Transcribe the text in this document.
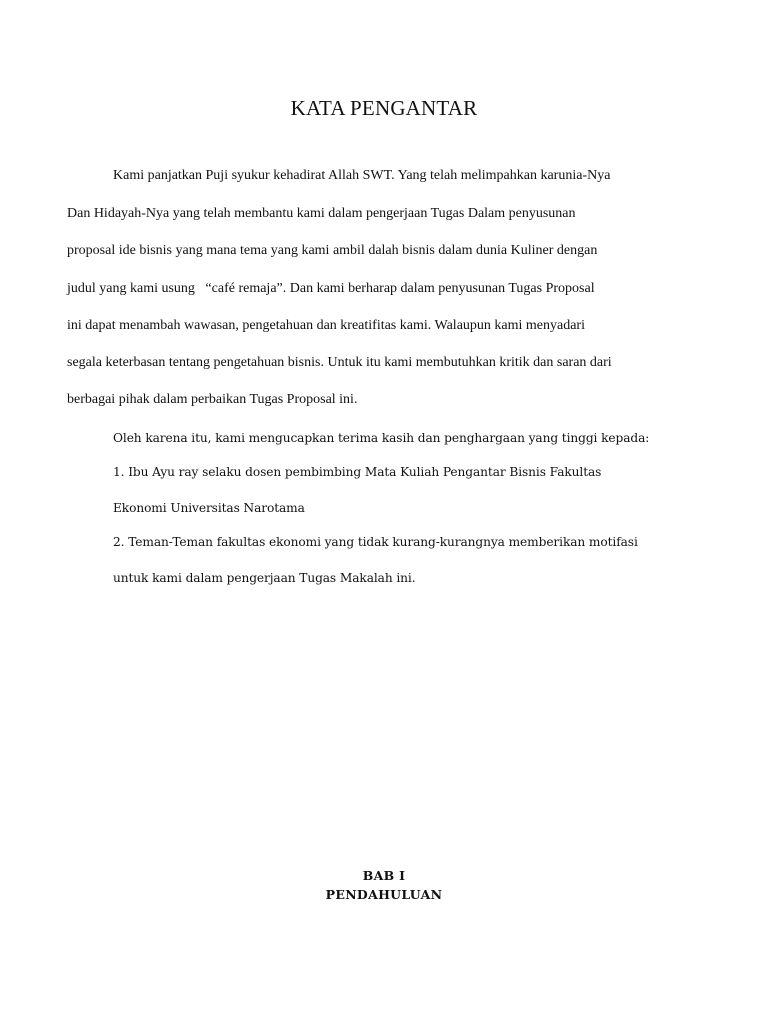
KATA PENGANTAR
Kami panjatkan Puji syukur kehadirat Allah SWT. Yang telah melimpahkan karunia-Nya
Dan Hidayah-Nya yang telah membantu kami dalam pengerjaan Tugas Dalam penyusunan
proposal ide bisnis yang mana tema yang kami ambil dalah bisnis dalam dunia Kuliner dengan
judul yang kami usung   “café remaja”. Dan kami berharap dalam penyusunan Tugas Proposal
ini dapat menambah wawasan, pengetahuan dan kreatifitas kami. Walaupun kami menyadari
segala keterbasan tentang pengetahuan bisnis. Untuk itu kami membutuhkan kritik dan saran dari
berbagai pihak dalam perbaikan Tugas Proposal ini.
Oleh karena itu, kami mengucapkan terima kasih dan penghargaan yang tinggi kepada:
1. Ibu Ayu ray selaku dosen pembimbing Mata Kuliah Pengantar Bisnis Fakultas
Ekonomi Universitas Narotama
2. Teman-Teman fakultas ekonomi yang tidak kurang-kurangnya memberikan motifasi
untuk kami dalam pengerjaan Tugas Makalah ini.
BAB I
PENDAHULUAN
